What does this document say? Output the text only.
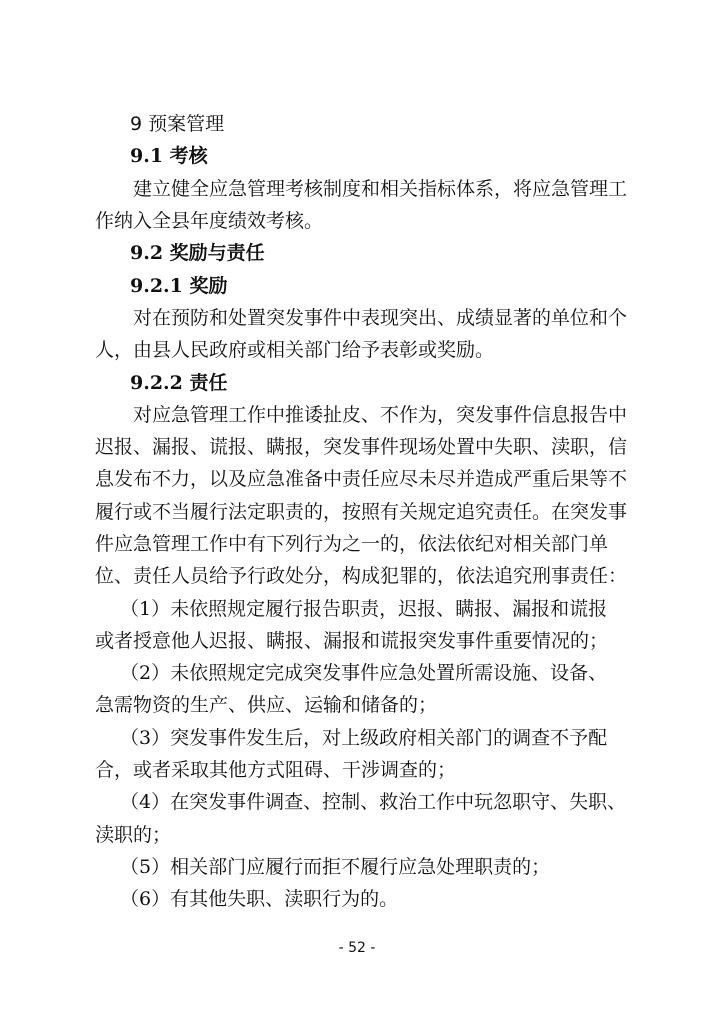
9 预案管理
9.1 考核
建立健全应急管理考核制度和相关指标体系，将应急管理工
作纳入全县年度绩效考核。
9.2 奖励与责任
9.2.1 奖励
对在预防和处置突发事件中表现突出、成绩显著的单位和个
人，由县人民政府或相关部门给予表彰或奖励。
9.2.2 责任
对应急管理工作中推诿扯皮、不作为，突发事件信息报告中
迟报、漏报、谎报、瞒报，突发事件现场处置中失职、渎职，信
息发布不力，以及应急准备中责任应尽未尽并造成严重后果等不
履行或不当履行法定职责的，按照有关规定追究责任。在突发事
件应急管理工作中有下列行为之一的，依法依纪对相关部门单
位、责任人员给予行政处分，构成犯罪的，依法追究刑事责任：
（1）未依照规定履行报告职责，迟报、瞒报、漏报和谎报
或者授意他人迟报、瞒报、漏报和谎报突发事件重要情况的；
（2）未依照规定完成突发事件应急处置所需设施、设备、
急需物资的生产、供应、运输和储备的；
（3）突发事件发生后，对上级政府相关部门的调查不予配
合，或者采取其他方式阻碍、干涉调查的；
（4）在突发事件调查、控制、救治工作中玩忽职守、失职、
渎职的；
（5）相关部门应履行而拒不履行应急处理职责的；
（6）有其他失职、渎职行为的。
- 52 -
